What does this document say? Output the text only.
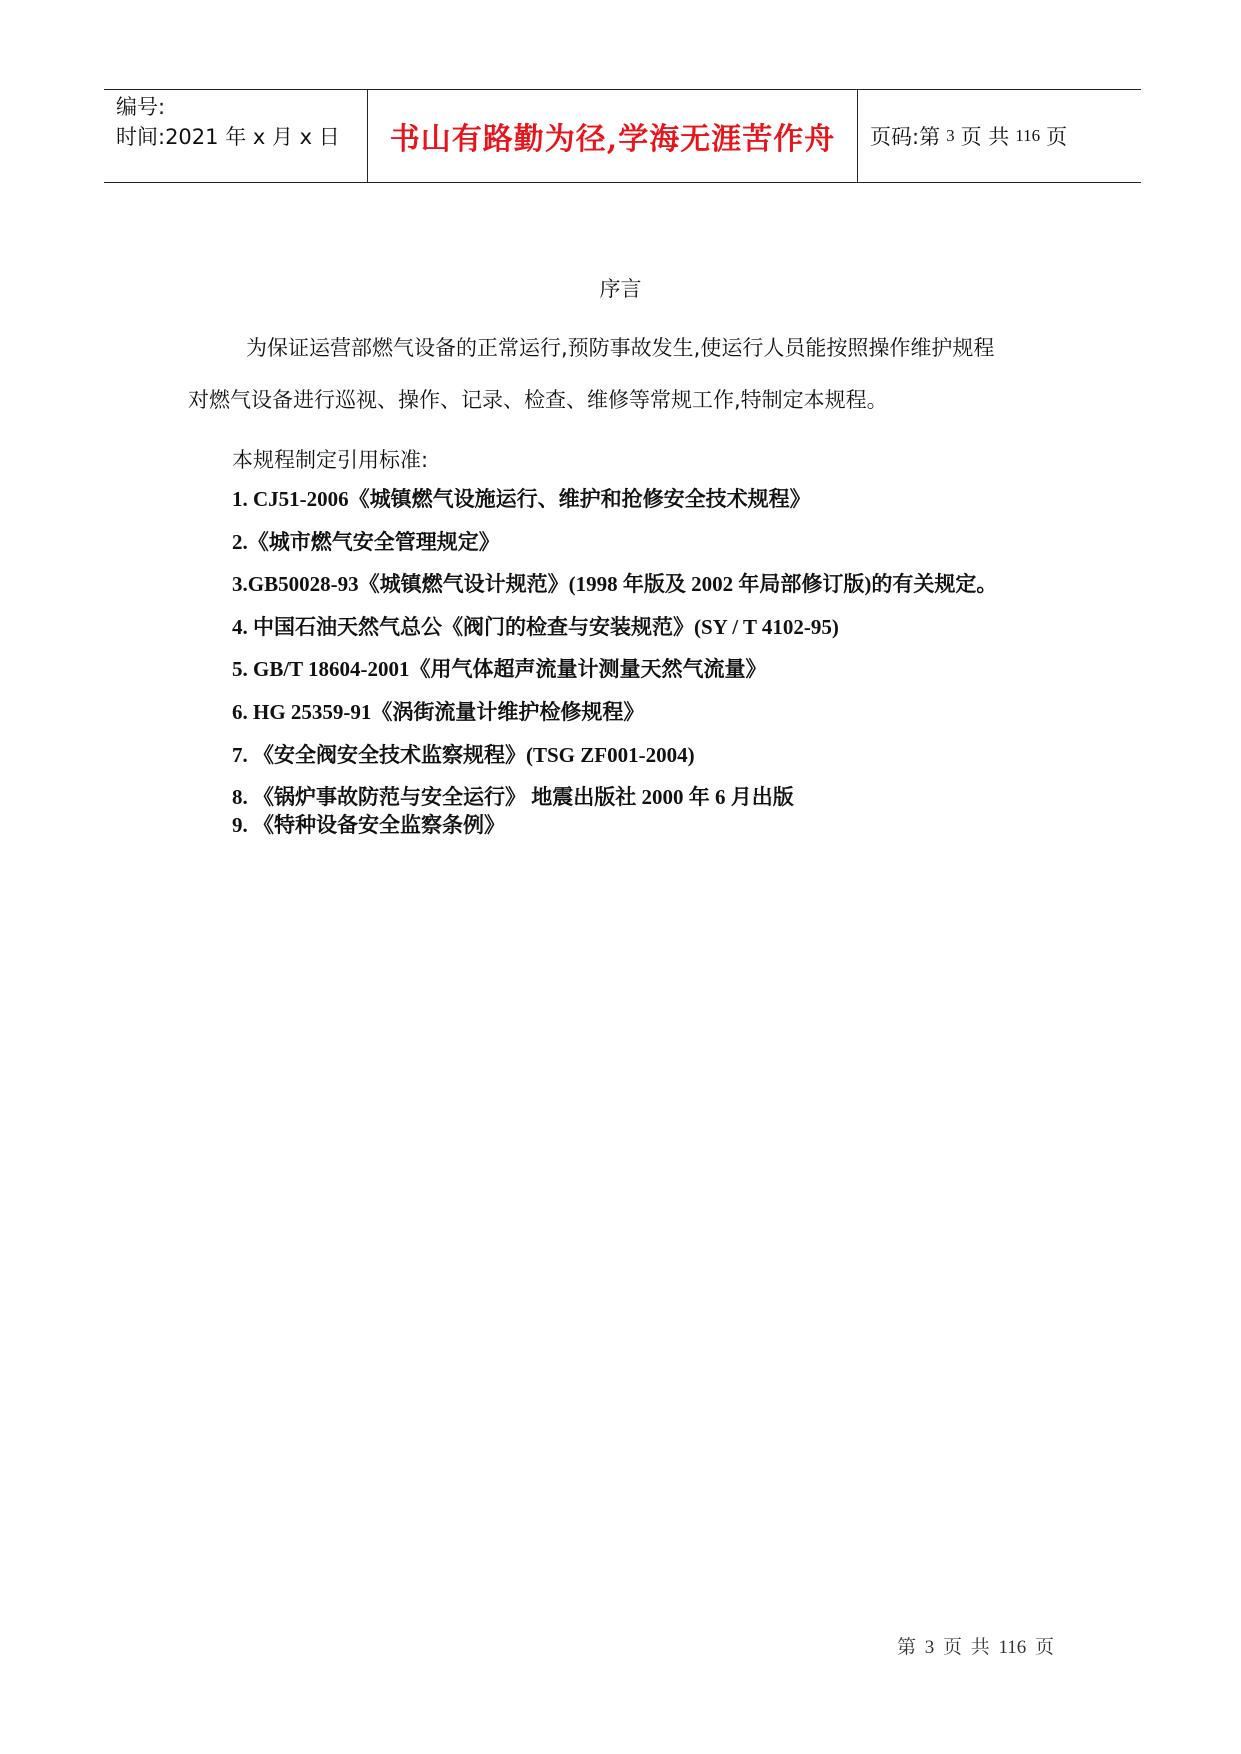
编号:
时间:2021 年 x 月 x 日	书山有路勤为径,学海无涯苦作舟	页码:第 3 页 共 116 页
序言
为保证运营部燃气设备的正常运行,预防事故发生,使运行人员能按照操作维护规程
对燃气设备进行巡视、操作、记录、检查、维修等常规工作,特制定本规程。
本规程制定引用标准:
1. CJ51-2006《城镇燃气设施运行、维护和抢修安全技术规程》
2.《城市燃气安全管理规定》
3.GB50028-93《城镇燃气设计规范》(1998 年版及 2002 年局部修订版)的有关规定。
4. 中国石油天然气总公《阀门的检查与安装规范》(SY / T 4102-95)
5. GB/T 18604-2001《用气体超声流量计测量天然气流量》
6. HG 25359-91《涡街流量计维护检修规程》
7. 《安全阀安全技术监察规程》(TSG ZF001-2004)
8. 《锅炉事故防范与安全运行》 地震出版社 2000 年 6 月出版
9. 《特种设备安全监察条例》
第 3 页 共 116 页
